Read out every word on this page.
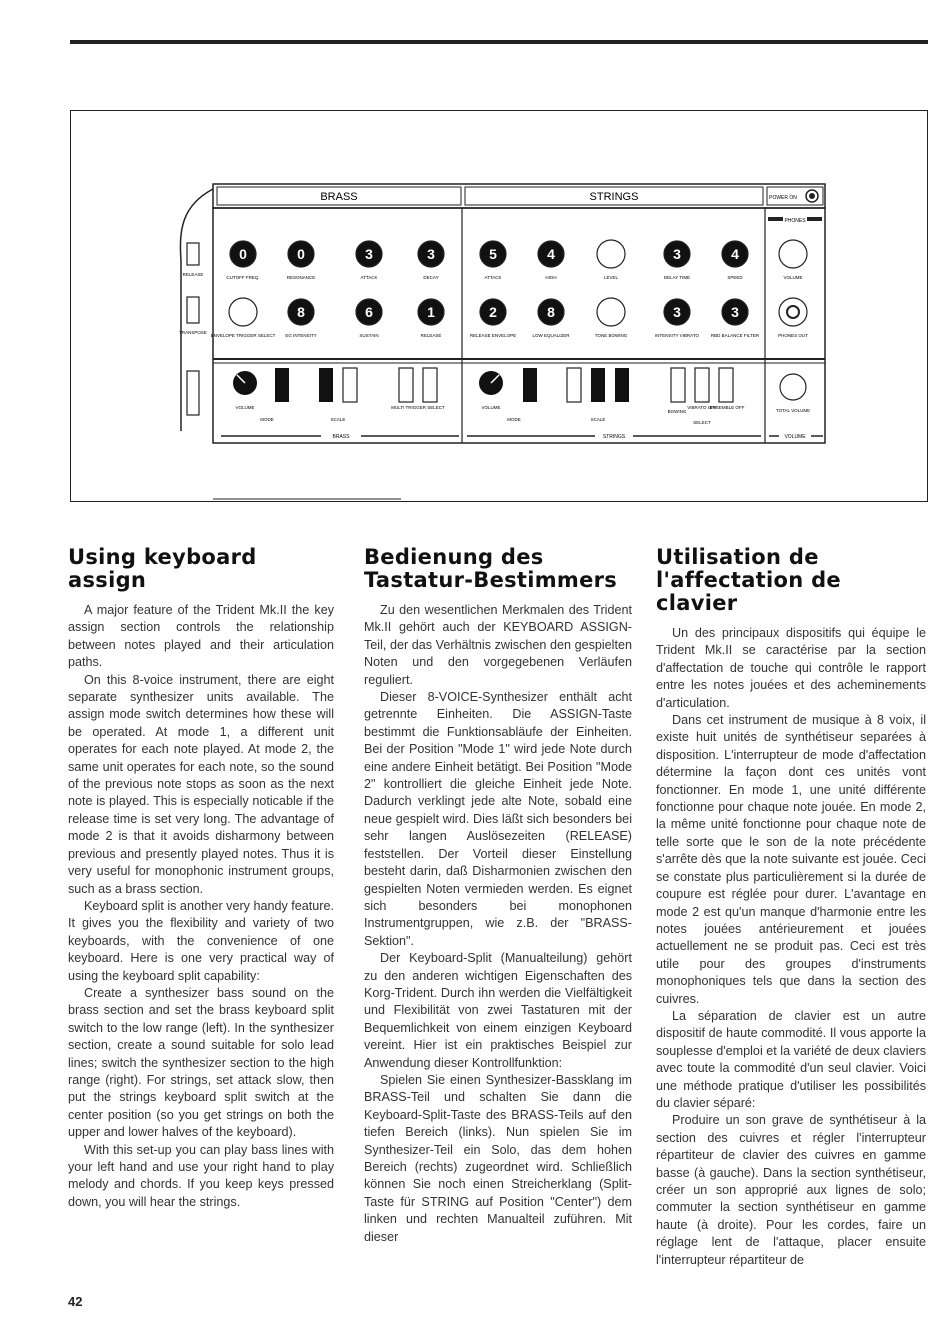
BRASS	STRINGS	POWER ON
PHONES
RELEASE
TRANSPOSE
0
CUTOFF FREQ.
0
RESONANCE
3
ATTACK
3
DECAY
5
ATTACK
4
HIGH	LEVEL
3
DELAY TIME
4
SPEED	VOLUME
ENVELOPE TRIGGER SELECT
8
EG INTENSITY
6
SUSTAIN
1
RELEASE
2
RELEASE ENVELOPE
8
LOW EQUALIZER	TONE BOWING
3
INTENSITY VIBRATO
3
RBD BALANCE FILTER	PHONES OUT
VOLUME
MODE	SCALE
MULTI TRIGGER SELECT	VOLUME
MODE	SCALE
BOWING
VIBRATO OFF
ENSEMBLE OFF
SELECT
TOTAL VOLUME
BRASS	STRINGS	VOLUME
Using keyboard assign

A major feature of the Trident Mk.II the key assign section controls the relationship between notes played and their articulation paths.

On this 8-voice instrument, there are eight separate synthesizer units available. The assign mode switch determines how these will be operated. At mode 1, a different unit operates for each note played. At mode 2, the same unit operates for each note, so the sound of the previous note stops as soon as the next note is played. This is especially noticable if the release time is set very long. The advantage of mode 2 is that it avoids disharmony between previous and presently played notes. Thus it is very useful for monophonic instrument groups, such as a brass section.

Keyboard split is another very handy feature. It gives you the flexibility and variety of two keyboards, with the convenience of one keyboard. Here is one very practical way of using the keyboard split capability:

Create a synthesizer bass sound on the brass section and set the brass keyboard split switch to the low range (left). In the synthesizer section, create a sound suitable for solo lead lines; switch the synthesizer section to the high range (right). For strings, set attack slow, then put the strings keyboard split switch at the center position (so you get strings on both the upper and lower halves of the keyboard).

With this set-up you can play bass lines with your left hand and use your right hand to play melody and chords. If you keep keys pressed down, you will hear the strings.

Bedienung des Tastatur-Bestimmers

Zu den wesentlichen Merkmalen des Trident Mk.II gehört auch der KEYBOARD ASSIGN-Teil, der das Verhältnis zwischen den gespielten Noten und den vorgegebenen Verläufen reguliert.

Dieser 8-VOICE-Synthesizer enthält acht getrennte Einheiten. Die ASSIGN-Taste bestimmt die Funktionsabläufe der Einheiten. Bei der Position "Mode 1" wird jede Note durch eine andere Einheit betätigt. Bei Position "Mode 2" kontrolliert die gleiche Einheit jede Note. Dadurch verklingt jede alte Note, sobald eine neue gespielt wird. Dies läßt sich besonders bei sehr langen Auslösezeiten (RELEASE) feststellen. Der Vorteil dieser Einstellung besteht darin, daß Disharmonien zwischen den gespielten Noten vermieden werden. Es eignet sich besonders bei monophonen Instrumentgruppen, wie z.B. der "BRASS-Sektion".

Der Keyboard-Split (Manualteilung) gehört zu den anderen wichtigen Eigenschaften des Korg-Trident. Durch ihn werden die Vielfältigkeit und Flexibilität von zwei Tastaturen mit der Bequemlichkeit von einem einzigen Keyboard vereint. Hier ist ein praktisches Beispiel zur Anwendung dieser Kontrollfunktion:

Spielen Sie einen Synthesizer-Bassklang im BRASS-Teil und schalten Sie dann die Keyboard-Split-Taste des BRASS-Teils auf den tiefen Bereich (links). Nun spielen Sie im Synthesizer-Teil ein Solo, das dem hohen Bereich (rechts) zugeordnet wird. Schließlich können Sie noch einen Streicherklang (Split-Taste für STRING auf Position "Center") dem linken und rechten Manualteil zuführen. Mit dieser

Utilisation de l'affectation de clavier

Un des principaux dispositifs qui équipe le Trident Mk.II se caractérise par la section d'affectation de touche qui contrôle le rapport entre les notes jouées et des acheminements d'articulation.

Dans cet instrument de musique à 8 voix, il existe huit unités de synthétiseur separées à disposition. L'interrupteur de mode d'affectation détermine la façon dont ces unités vont fonctionner. En mode 1, une unité différente fonctionne pour chaque note jouée. En mode 2, la même unité fonctionne pour chaque note de telle sorte que le son de la note précédente s'arrête dès que la note suivante est jouée. Ceci se constate plus particulièrement si la durée de coupure est réglée pour durer. L'avantage en mode 2 est qu'un manque d'harmonie entre les notes jouées antérieurement et jouées actuellement ne se produit pas. Ceci est très utile pour des groupes d'instruments monophoniques tels que dans la section des cuivres.

La séparation de clavier est un autre dispositif de haute commodité. Il vous apporte la souplesse d'emploi et la variété de deux claviers avec toute la commodité d'un seul clavier. Voici une méthode pratique d'utiliser les possibilités du clavier séparé:

Produire un son grave de synthétiseur à la section des cuivres et régler l'interrupteur répartiteur de clavier des cuivres en gamme basse (à gauche). Dans la section synthétiseur, créer un son approprié aux lignes de solo; commuter la section synthétiseur en gamme haute (à droite). Pour les cordes, faire un réglage lent de l'attaque, placer ensuite l'interrupteur répartiteur de

42
